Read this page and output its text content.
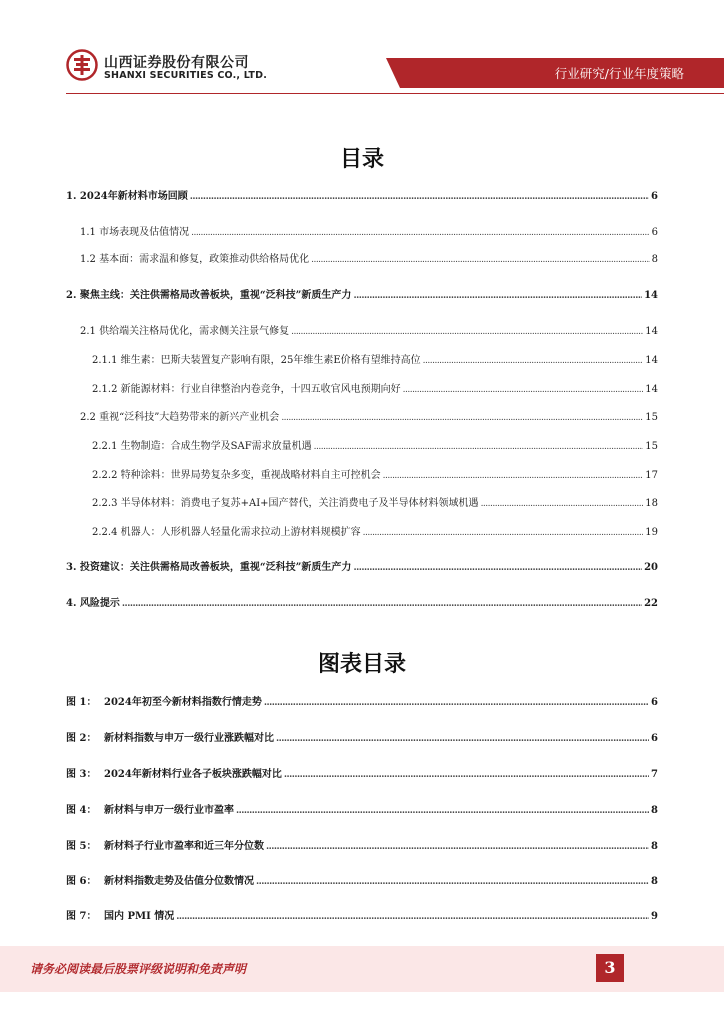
山西证券股份有限公司
SHANXI SECURITIES CO., LTD.	行业研究/行业年度策略
目录
1. 2024年新材料市场回顾 .....	6
1.1 市场表现及估值情况 .....	6
1.2 基本面：需求温和修复，政策推动供给格局优化 .....	8
2. 聚焦主线：关注供需格局改善板块，重视“泛科技”新质生产力 .....	14
2.1 供给端关注格局优化，需求侧关注景气修复 .....	14
2.1.1 维生素：巴斯夫装置复产影响有限，25年维生素E价格有望维持高位 .....	14
2.1.2 新能源材料：行业自律整治内卷竞争，十四五收官风电预期向好 .....	14
2.2 重视“泛科技”大趋势带来的新兴产业机会 .....	15
2.2.1 生物制造：合成生物学及SAF需求放量机遇 .....	15
2.2.2 特种涂料：世界局势复杂多变，重视战略材料自主可控机会 .....	17
2.2.3 半导体材料：消费电子复苏+AI+国产替代，关注消费电子及半导体材料领域机遇 .....	18
2.2.4 机器人：人形机器人轻量化需求拉动上游材料规模扩容 .....	19
3. 投资建议：关注供需格局改善板块，重视“泛科技”新质生产力 .....	20
4. 风险提示 .....	22
图表目录
图 1： 2024年初至今新材料指数行情走势 .....	6
图 2： 新材料指数与申万一级行业涨跌幅对比 .....	6
图 3： 2024年新材料行业各子板块涨跌幅对比 .....	7
图 4： 新材料与申万一级行业市盈率 .....	8
图 5： 新材料子行业市盈率和近三年分位数 .....	8
图 6： 新材料指数走势及估值分位数情况 .....	8
图 7： 国内 PMI 情况 .....	9
请务必阅读最后股票评级说明和免责声明	3
